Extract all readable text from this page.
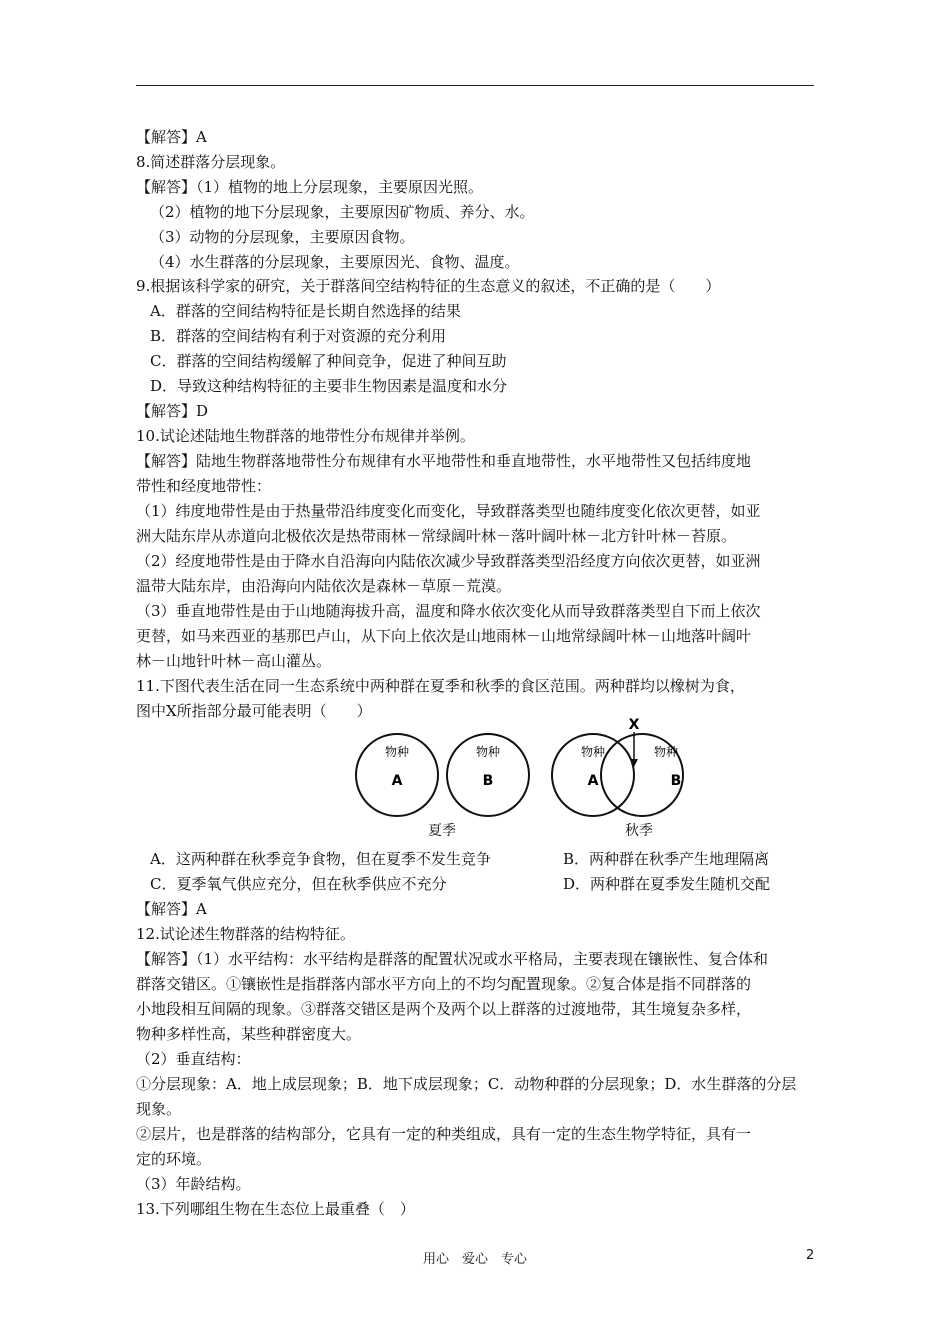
【解答】A
8.简述群落分层现象。
【解答】（1）植物的地上分层现象，主要原因光照。
（2）植物的地下分层现象，主要原因矿物质、养分、水。
（3）动物的分层现象，主要原因食物。
（4）水生群落的分层现象，主要原因光、食物、温度。
9.根据该科学家的研究，关于群落间空结构特征的生态意义的叙述，不正确的是（　　）
A．群落的空间结构特征是长期自然选择的结果
B．群落的空间结构有利于对资源的充分利用
C．群落的空间结构缓解了种间竞争，促进了种间互助
D．导致这种结构特征的主要非生物因素是温度和水分
【解答】D
10.试论述陆地生物群落的地带性分布规律并举例。
【解答】陆地生物群落地带性分布规律有水平地带性和垂直地带性，水平地带性又包括纬度地
带性和经度地带性：
（1）纬度地带性是由于热量带沿纬度变化而变化，导致群落类型也随纬度变化依次更替，如亚
洲大陆东岸从赤道向北极依次是热带雨林－常绿阔叶林－落叶阔叶林－北方针叶林－苔原。
（2）经度地带性是由于降水自沿海向内陆依次减少导致群落类型沿经度方向依次更替，如亚洲
温带大陆东岸，由沿海向内陆依次是森林－草原－荒漠。
（3）垂直地带性是由于山地随海拔升高，温度和降水依次变化从而导致群落类型自下而上依次
更替，如马来西亚的基那巴卢山，从下向上依次是山地雨林－山地常绿阔叶林－山地落叶阔叶
林－山地针叶林－高山灌丛。
11.下图代表生活在同一生态系统中两种群在夏季和秋季的食区范围。两种群均以橡树为食，
图中X所指部分最可能表明（　　）
物种
A
物种
B
物种
A
物种
B
X
夏季	秋季
A．这两种群在秋季竞争食物，但在夏季不发生竞争	B．两种群在秋季产生地理隔离
C．夏季氧气供应充分，但在秋季供应不充分	D．两种群在夏季发生随机交配
【解答】A
12.试论述生物群落的结构特征。
【解答】（1）水平结构：水平结构是群落的配置状况或水平格局，主要表现在镶嵌性、复合体和
群落交错区。①镶嵌性是指群落内部水平方向上的不均匀配置现象。②复合体是指不同群落的
小地段相互间隔的现象。③群落交错区是两个及两个以上群落的过渡地带，其生境复杂多样，
物种多样性高，某些种群密度大。
（2）垂直结构：
①分层现象：A．地上成层现象；B．地下成层现象；C．动物种群的分层现象；D．水生群落的分层
现象。
②层片，也是群落的结构部分，它具有一定的种类组成，具有一定的生态生物学特征，具有一
定的环境。
（3）年龄结构。
13.下列哪组生物在生态位上最重叠（　）
用心　爱心　专心	2
